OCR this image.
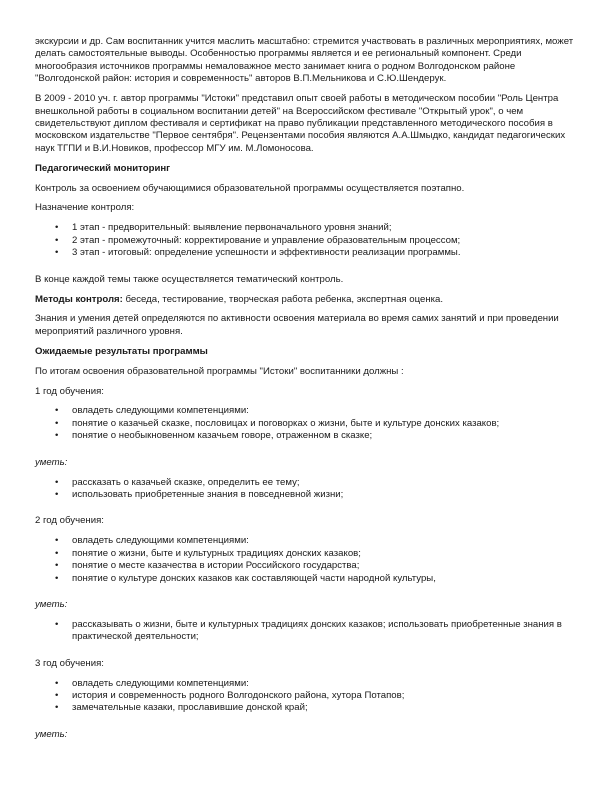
экскурсии и др. Сам воспитанник учится маслить масштабно: стремится участвовать в различных мероприятиях, может делать самостоятельные выводы. Особенностью программы является и ее региональный компонент. Среди многообразия источников программы немаловажное место занимает книга о родном Волгодонском районе "Волгодонской район: история и современность" авторов В.П.Мельникова и С.Ю.Шендерук.

В 2009 - 2010 уч. г. автор программы "Истоки" представил опыт своей работы в методическом пособии "Роль Центра внешкольной работы в социальном воспитании детей" на Всероссийском фестивале "Открытый урок", о чем свидетельствуют диплом фестиваля и сертификат на право публикации представленного методического пособия в московском издательстве "Первое сентября". Рецензентами пособия являются А.А.Шмыдко, кандидат педагогических наук ТГПИ и В.И.Новиков, профессор МГУ им. М.Ломоносова.

Педагогический мониторинг

Контроль за освоением обучающимися образовательной программы осуществляется поэтапно.

Назначение контроля:

• 1 этап - предворительный: выявление первоначального уровня знаний;
• 2 этап - промежуточный: корректирование и управление образовательным процессом;
• 3 этап - итоговый: определение успешности и эффективности реализации программы.

В конце каждой темы также осуществляется тематический контроль.

Методы контроля: беседа, тестирование, творческая работа ребенка, экспертная оценка.

Знания и умения детей определяются по активности освоения материала во время самих занятий и при проведении мероприятий различного уровня.

Ожидаемые результаты программы

По итогам освоения образовательной программы "Истоки" воспитанники должны :

1 год обучения:

• овладеть следующими компетенциями:
• понятие о казачьей сказке, пословицах и поговорках о жизни, быте и культуре донских казаков;
• понятие о необыкновенном казачьем говоре, отраженном в сказке;

уметь:

• рассказать о казачьей сказке, определить ее тему;
• использовать приобретенные знания в повседневной жизни;

2 год обучения:

• овладеть следующими компетенциями:
• понятие о жизни, быте и культурных традициях донских казаков;
• понятие о месте казачества в истории Российского государства;
• понятие о культуре донских казаков как составляющей части народной культуры,

уметь:

• рассказывать о жизни, быте и культурных традициях донских казаков; использовать приобретенные знания в практической деятельности;

3 год обучения:

• овладеть следующими компетенциями:
• история и современность родного Волгодонского района, хутора Потапов;
• замечательные казаки, прославившие донской край;

уметь:
